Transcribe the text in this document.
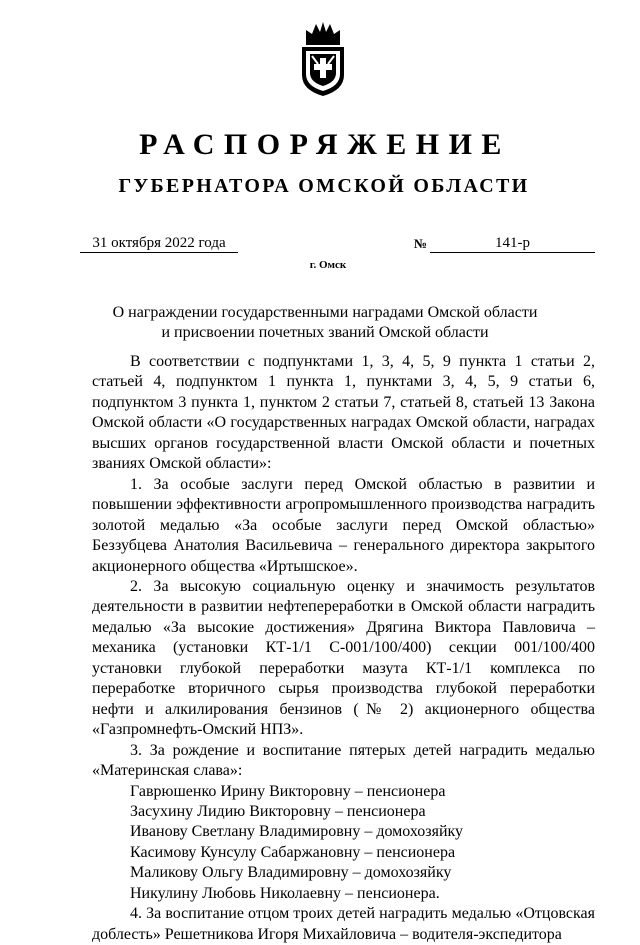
РАСПОРЯЖЕНИЕ
ГУБЕРНАТОРА ОМСКОЙ ОБЛАСТИ
31 октября 2022 года	№	141-р
г. Омск
О награждении государственными наградами Омской области
и присвоении почетных званий Омской области

В соответствии с подпунктами 1, 3, 4, 5, 9 пункта 1 статьи 2, статьей 4, подпунктом 1 пункта 1, пунктами 3, 4, 5, 9 статьи 6, подпунктом 3 пункта 1, пунктом 2 статьи 7, статьей 8, статьей 13 Закона Омской области «О государственных наградах Омской области, наградах высших органов государственной власти Омской области и почетных званиях Омской области»:

1. За особые заслуги перед Омской областью в развитии и повышении эффективности агропромышленного производства наградить золотой медалью «За особые заслуги перед Омской областью» Беззубцева Анатолия Васильевича – генерального директора закрытого акционерного общества «Иртышское».

2. За высокую социальную оценку и значимость результатов деятельности в развитии нефтепереработки в Омской области наградить медалью «За высокие достижения» Дрягина Виктора Павловича – механика (установки КТ-1/1 С-001/100/400) секции 001/100/400 установки глубокой переработки мазута КТ-1/1 комплекса по переработке вторичного сырья производства глубокой переработки нефти и алкилирования бензинов (№ 2) акционерного общества «Газпромнефть-Омский НПЗ».

3. За рождение и воспитание пятерых детей наградить медалью «Материнская слава»:

Гаврюшенко Ирину Викторовну – пенсионера

Засухину Лидию Викторовну – пенсионера

Иванову Светлану Владимировну – домохозяйку

Касимову Кунсулу Сабаржановну – пенсионера

Маликову Ольгу Владимировну – домохозяйку

Никулину Любовь Николаевну – пенсионера.

4. За воспитание отцом троих детей наградить медалью «Отцовская доблесть» Решетникова Игоря Михайловича – водителя-экспедитора
